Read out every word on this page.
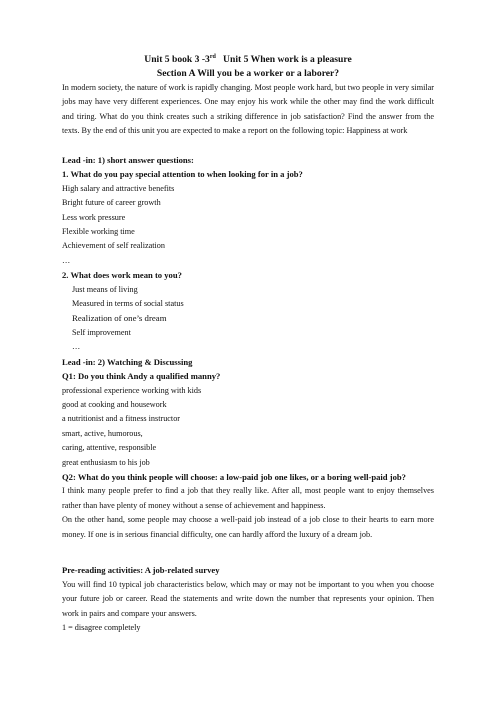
Unit 5 book 3 -3rd   Unit 5 When work is a pleasure
Section A Will you be a worker or a laborer?

In modern society, the nature of work is rapidly changing. Most people work hard, but two people in very similar jobs may have very different experiences. One may enjoy his work while the other may find the work difficult and tiring. What do you think creates such a striking difference in job satisfaction? Find the answer from the texts. By the end of this unit you are expected to make a report on the following topic: Happiness at work

Lead -in: 1) short answer questions:

1. What do you pay special attention to when looking for in a job?

High salary and attractive benefits

Bright future of career growth

Less work pressure

Flexible working time

Achievement of self realization

…

2. What does work mean to you?

Just means of living

Measured in terms of social status

Realization of one’s dream

Self improvement

…

Lead -in: 2) Watching & Discussing

Q1: Do you think Andy a qualified manny?

professional experience working with kids

good at cooking and housework

a nutritionist and a fitness instructor

smart, active, humorous,

caring, attentive, responsible

great enthusiasm to his job

Q2: What do you think people will choose: a low-paid job one likes, or a boring well-paid job?

I think many people prefer to find a job that they really like. After all, most people want to enjoy themselves rather than have plenty of money without a sense of achievement and happiness.

On the other hand, some people may choose a well-paid job instead of a job close to their hearts to earn more money. If one is in serious financial difficulty, one can hardly afford the luxury of a dream job.

Pre-reading activities: A job-related survey

You will find 10 typical job characteristics below, which may or may not be important to you when you choose your future job or career. Read the statements and write down the number that represents your opinion. Then work in pairs and compare your answers.

1 = disagree completely
